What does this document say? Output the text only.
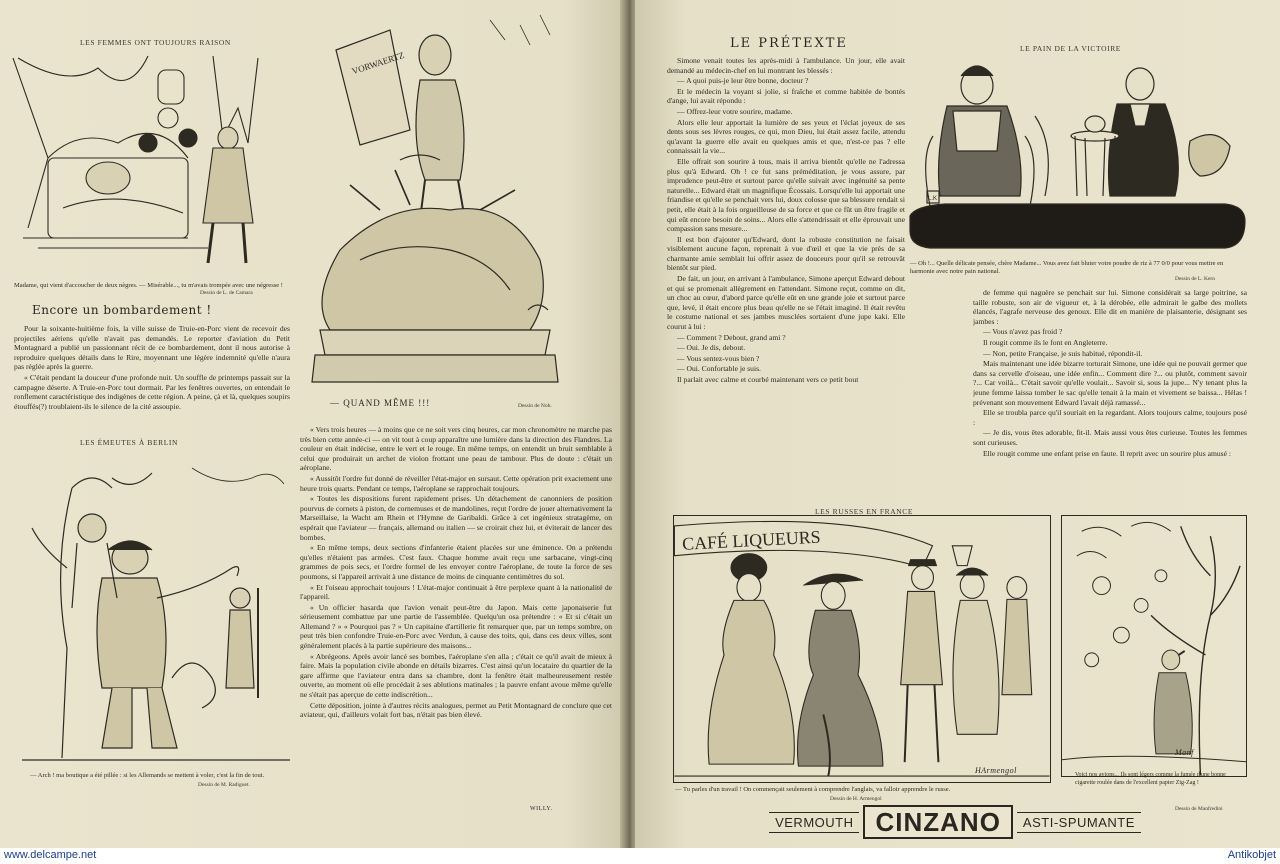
LES FEMMES ONT TOUJOURS RAISON
Madame, qui vient d'accoucher de deux nègres. — Misérable..., tu m'avais trompée avec une négresse !
Dessin de L. de Camara
Encore un bombardement !

Pour la soixante-huitième fois, la ville suisse de Truie-en-Porc vient de recevoir des projectiles aériens qu'elle n'avait pas demandés. Le reporter d'aviation du Petit Montagnard a publié un passionnant récit de ce bombardement, dont il nous autorise à reproduire quelques détails dans le Rire, moyennant une légère indemnité qu'elle n'aura pas réglée après la guerre.

« C'était pendant la douceur d'une profonde nuit. Un souffle de printemps passait sur la campagne déserte. A Truie-en-Porc tout dormait. Par les fenêtres ouvertes, on entendait le ronflement caractéristique des indigènes de cette région. A peine, çà et là, quelques soupirs étouffés(?) troublaient-ils le silence de la cité assoupie.

LES ÉMEUTES À BERLIN
— Arch ! ma boutique a été pillée : si les Allemands se mettent à voler, c'est la fin de tout.
Dessin de M. Radiguet.
VORWAERTZ
— QUAND MÊME !!!	Dessin de Nob.

« Vers trois heures — à moins que ce ne soit vers cinq heures, car mon chronomètre ne marche pas très bien cette année-ci — on vit tout à coup apparaître une lumière dans la direction des Flandres. La couleur en était indécise, entre le vert et le rouge. En même temps, on entendit un bruit semblable à celui que produirait un archet de violon frottant une peau de tambour. Plus de doute : c'était un aéroplane.

« Aussitôt l'ordre fut donné de réveiller l'état-major en sursaut. Cette opération prit exactement une heure trois quarts. Pendant ce temps, l'aéroplane se rapprochait toujours.

« Toutes les dispositions furent rapidement prises. Un détachement de canonniers de position pourvus de cornets à piston, de cornemuses et de mandolines, reçut l'ordre de jouer alternativement la Marseillaise, la Wacht am Rhein et l'Hymne de Garibaldi. Grâce à cet ingénieux stratagème, on espérait que l'aviateur — français, allemand ou italien — se croirait chez lui, et éviterait de lancer des bombes.

« En même temps, deux sections d'infanterie étaient placées sur une éminence. On a prétendu qu'elles n'étaient pas armées. C'est faux. Chaque homme avait reçu une sarbacane, vingt-cinq grammes de pois secs, et l'ordre formel de les envoyer contre l'aéroplane, de toute la force de ses poumons, si l'appareil arrivait à une distance de moins de cinquante centimètres du sol.

« Et l'oiseau approchait toujours ! L'état-major continuait à être perplexe quant à la nationalité de l'appareil.

« Un officier hasarda que l'avion venait peut-être du Japon. Mais cette japonaiserie fut sérieusement combattue par une partie de l'assemblée. Quelqu'un osa prétendre : « Et si c'était un Allemand ? » « Pourquoi pas ? » Un capitaine d'artillerie fit remarquer que, par un temps sombre, on peut très bien confondre Truie-en-Porc avec Verdun, à cause des toits, qui, dans ces deux villes, sont généralement placés à la partie supérieure des maisons...

« Abrégeons. Après avoir lancé ses bombes, l'aéroplane s'en alla ; c'était ce qu'il avait de mieux à faire. Mais la population civile abonde en détails bizarres. C'est ainsi qu'un locataire du quartier de la gare affirme que l'aviateur entra dans sa chambre, dont la fenêtre était malheureusement restée ouverte, au moment où elle procédait à ses ablutions matinales ; la pauvre enfant avoue même qu'elle ne s'était pas aperçue de cette indiscrétion...

Cette déposition, jointe à d'autres récits analogues, permet au Petit Montagnard de conclure que cet aviateur, qui, d'ailleurs volait fort bas, n'était pas bien élevé.

WILLY.
LE PRÉTEXTE

Simone venait toutes les après-midi à l'ambulance. Un jour, elle avait demandé au médecin-chef en lui montrant les blessés :

— A quoi puis-je leur être bonne, docteur ?

Et le médecin la voyant si jolie, si fraîche et comme habitée de bontés d'ange, lui avait répondu :

— Offrez-leur votre sourire, madame.

Alors elle leur apportait la lumière de ses yeux et l'éclat joyeux de ses dents sous ses lèvres rouges, ce qui, mon Dieu, lui était assez facile, attendu qu'avant la guerre elle avait eu quelques amis et que, n'est-ce pas ? elle connaissait la vie...

Elle offrait son sourire à tous, mais il arriva bientôt qu'elle ne l'adressa plus qu'à Edward. Oh ! ce fut sans préméditation, je vous assure, par imprudence peut-être et surtout parce qu'elle suivait avec ingénuité sa pente naturelle... Edward était un magnifique Écossais. Lorsqu'elle lui apportait une friandise et qu'elle se penchait vers lui, doux colosse que sa blessure rendait si petit, elle était à la fois orgueilleuse de sa force et que ce fût un être fragile et qui eût encore besoin de soins... Alors elle s'attendrissait et elle éprouvait une compassion sans mesure...

Il est bon d'ajouter qu'Edward, dont la robuste constitution ne faisait visiblement aucune façon, reprenait à vue d'œil et que la vie près de sa charmante amie semblait lui offrir assez de douceurs pour qu'il se retrouvât bientôt sur pied.

De fait, un jour, en arrivant à l'ambulance, Simone aperçut Edward debout et qui se promenait allègrement en l'attendant. Simone reçut, comme on dit, un choc au cœur, d'abord parce qu'elle eût en une grande joie et surtout parce que, levé, il était encore plus beau qu'elle ne se l'était imaginé. Il était revêtu le costume national et ses jambes musclées sortaient d'une jupe kaki. Elle courut à lui :

— Comment ? Debout, grand ami ?

— Oui. Je dis, debout.

— Vous sentez-vous bien ?

— Oui. Confortable je suis.

Il parlait avec calme et courbé maintenant vers ce petit bout

LE PAIN DE LA VICTOIRE
L.K
— Oh !... Quelle délicate pensée, chère Madame... Vous avez fait bluter votre poudre de riz à 77 0/0 pour vous mettre en harmonie avec notre pain national.
Dessin de L. Kern

de femme qui naguère se penchait sur lui. Simone considérait sa large poitrine, sa taille robuste, son air de vigueur et, à la dérobée, elle admirait le galbe des mollets élancés, l'agrafe nerveuse des genoux. Elle dit en manière de plaisanterie, désignant ses jambes :

— Vous n'avez pas froid ?

Il rougit comme ils le font en Angleterre.

— Non, petite Française, je suis habitué, répondit-il.

Mais maintenant une idée bizarre torturait Simone, une idée qui ne pouvait germer que dans sa cervelle d'oiseau, une idée enfin... Comment dire ?... ou plutôt, comment savoir ?... Car voilà... C'était savoir qu'elle voulait... Savoir si, sous la jupe... N'y tenant plus la jeune femme laissa tomber le sac qu'elle tenait à la main et vivement se baissa... Hélas ! prévenant son mouvement Edward l'avait déjà ramassé...

Elle se troubla parce qu'il souriait en la regardant. Alors toujours calme, toujours posé :

— Je dis, vous êtes adorable, fit-il. Mais aussi vous êtes curieuse. Toutes les femmes sont curieuses.

Elle rougit comme une enfant prise en faute. Il reprit avec un sourire plus amusé :

LES RUSSES EN FRANCE
CAFÉ LIQUEURS
HArmengol
— Tu parles d'un travail ! On commençait seulement à comprendre l'anglais, va falloir apprendre le russe.
Dessin de H. Armengol
Manf
Voici nos avions... Ils sont légers comme la fumée d'une bonne cigarette roulée dans de l'excellent papier Zig-Zag !
Dessin de Manfredini
VERMOUTH CINZANO	ASTI-SPUMANTE
www.delcampe.net	Antikobjet
